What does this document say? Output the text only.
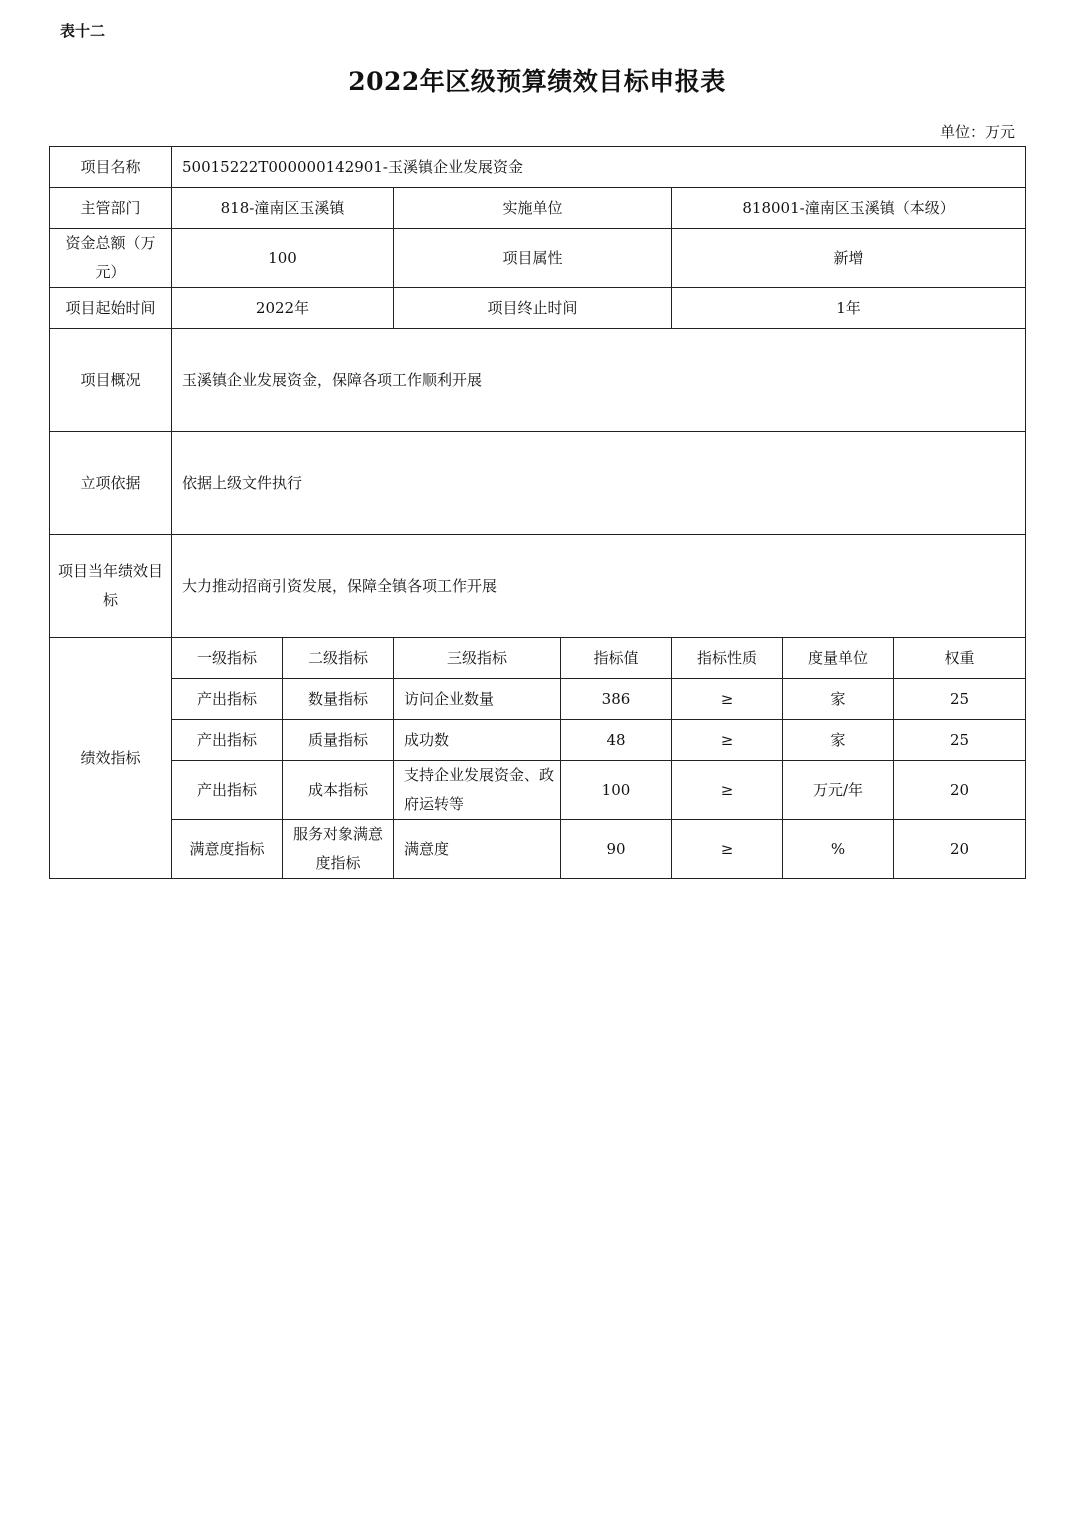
表十二
2022年区级预算绩效目标申报表
单位：万元
项目名称	50015222T000000142901-玉溪镇企业发展资金						
主管部门	818-潼南区玉溪镇		实施单位		818001-潼南区玉溪镇（本级）		
资金总额（万元）	100		项目属性		新增		
项目起始时间	2022年		项目终止时间		1年		
项目概况	玉溪镇企业发展资金，保障各项工作顺利开展						
立项依据	依据上级文件执行						
项目当年绩效目标	大力推动招商引资发展，保障全镇各项工作开展						
绩效指标	一级指标	二级指标	三级指标	指标值	指标性质	度量单位	权重
	产出指标	数量指标	访问企业数量	386	≥	家	25
	产出指标	质量指标	成功数	48	≥	家	25
	产出指标	成本指标	支持企业发展资金、政府运转等	100	≥	万元/年	20
	满意度指标	服务对象满意度指标	满意度	90	≥	%	20
